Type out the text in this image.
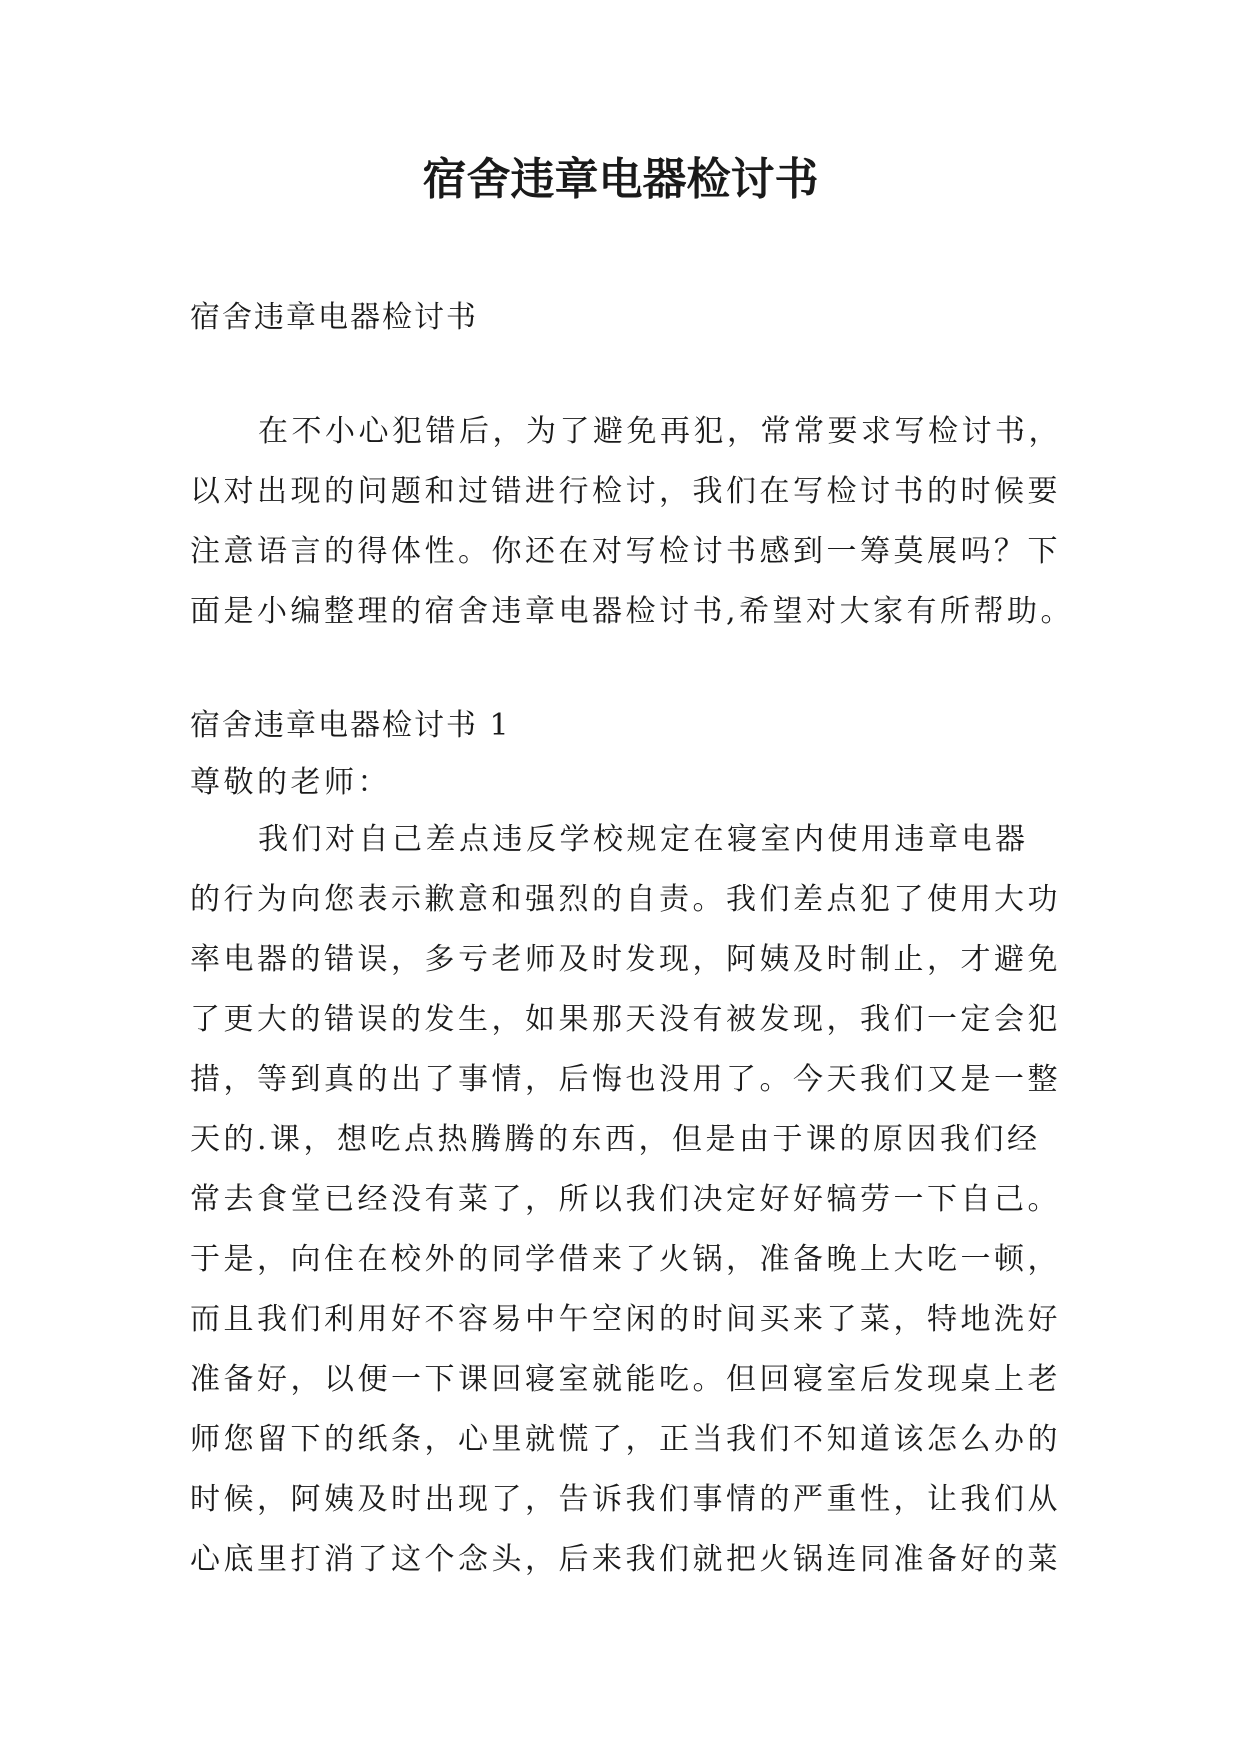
宿舍违章电器检讨书
宿舍违章电器检讨书
在不小心犯错后，为了避免再犯，常常要求写检讨书，
以对出现的问题和过错进行检讨，我们在写检讨书的时候要
注意语言的得体性。你还在对写检讨书感到一筹莫展吗？下
面是小编整理的宿舍违章电器检讨书,希望对大家有所帮助。
宿舍违章电器检讨书 1
尊敬的老师：
我们对自己差点违反学校规定在寝室内使用违章电器
的行为向您表示歉意和强烈的自责。我们差点犯了使用大功
率电器的错误，多亏老师及时发现，阿姨及时制止，才避免
了更大的错误的发生，如果那天没有被发现，我们一定会犯
措，等到真的出了事情，后悔也没用了。今天我们又是一整
天的.课，想吃点热腾腾的东西，但是由于课的原因我们经
常去食堂已经没有菜了，所以我们决定好好犒劳一下自己。
于是，向住在校外的同学借来了火锅，准备晚上大吃一顿，
而且我们利用好不容易中午空闲的时间买来了菜，特地洗好
准备好，以便一下课回寝室就能吃。但回寝室后发现桌上老
师您留下的纸条，心里就慌了，正当我们不知道该怎么办的
时候，阿姨及时出现了，告诉我们事情的严重性，让我们从
心底里打消了这个念头，后来我们就把火锅连同准备好的菜
